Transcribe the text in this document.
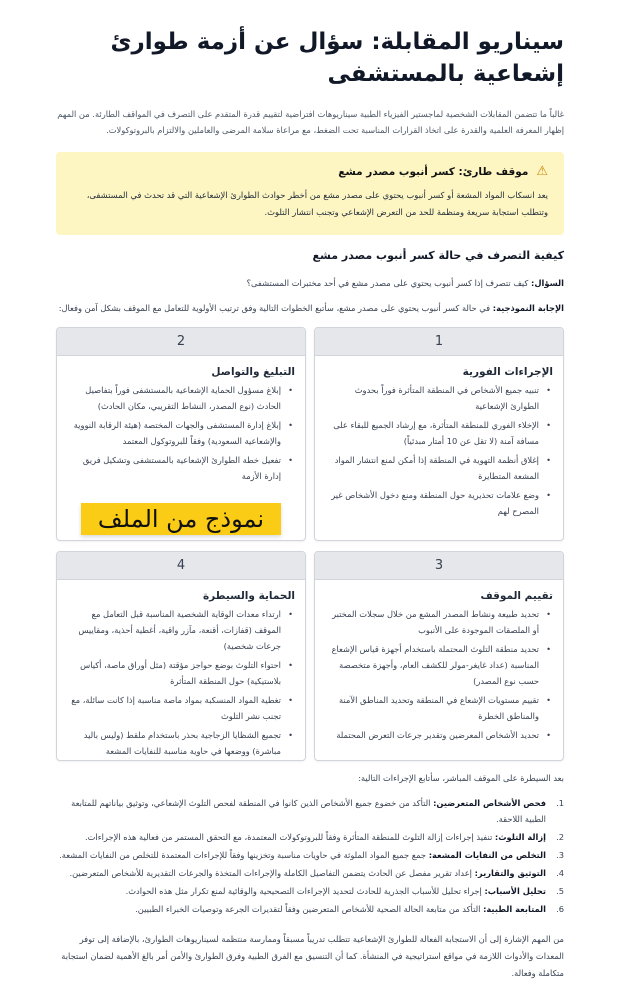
سيناريو المقابلة: سؤال عن أزمة طوارئ إشعاعية بالمستشفى

غالباً ما تتضمن المقابلات الشخصية لماجستير الفيزياء الطبية سيناريوهات افتراضية لتقييم قدرة المتقدم على التصرف في المواقف الطارئة. من المهم إظهار المعرفة العلمية والقدرة على اتخاذ القرارات المناسبة تحت الضغط، مع مراعاة سلامة المرضى والعاملين والالتزام بالبروتوكولات.

⚠
موقف طارئ: كسر أنبوب مصدر مشع
يعد انسكاب المواد المشعة أو كسر أنبوب يحتوي على مصدر مشع من أخطر حوادث الطوارئ الإشعاعية التي قد تحدث في المستشفى، وتتطلب استجابة سريعة ومنظمة للحد من التعرض الإشعاعي وتجنب انتشار التلوث.
كيفية التصرف في حالة كسر أنبوب مصدر مشع

السؤال: كيف تتصرف إذا كسر أنبوب يحتوي على مصدر مشع في أحد مختبرات المستشفى؟

الإجابة النموذجية: في حالة كسر أنبوب يحتوي على مصدر مشع، سأتبع الخطوات التالية وفق ترتيب الأولوية للتعامل مع الموقف بشكل آمن وفعال:

1
الإجراءات الفورية
• تنبيه جميع الأشخاص في المنطقة المتأثرة فوراً بحدوث الطوارئ الإشعاعية
• الإخلاء الفوري للمنطقة المتأثرة، مع إرشاد الجميع للبقاء على مسافة آمنة (لا تقل عن 10 أمتار مبدئياً)
• إغلاق أنظمة التهوية في المنطقة إذا أمكن لمنع انتشار المواد المشعة المتطايرة
• وضع علامات تحذيرية حول المنطقة ومنع دخول الأشخاص غير المصرح لهم
2
التبليغ والتواصل
• إبلاغ مسؤول الحماية الإشعاعية بالمستشفى فوراً بتفاصيل الحادث (نوع المصدر، النشاط التقريبي، مكان الحادث)
• إبلاغ إدارة المستشفى والجهات المختصة (هيئة الرقابة النووية والإشعاعية السعودية) وفقاً للبروتوكول المعتمد
• تفعيل خطة الطوارئ الإشعاعية بالمستشفى وتشكيل فريق إدارة الأزمة
نموذج من الملف
3
تقييم الموقف
• تحديد طبيعة ونشاط المصدر المشع من خلال سجلات المختبر أو الملصقات الموجودة على الأنبوب
• تحديد منطقة التلوث المحتملة باستخدام أجهزة قياس الإشعاع المناسبة (عداد غايغر-مولر للكشف العام، وأجهزة متخصصة حسب نوع المصدر)
• تقييم مستويات الإشعاع في المنطقة وتحديد المناطق الآمنة والمناطق الخطرة
• تحديد الأشخاص المعرضين وتقدير جرعات التعرض المحتملة
4
الحماية والسيطرة
• ارتداء معدات الوقاية الشخصية المناسبة قبل التعامل مع الموقف (قفازات، أقنعة، مآزر واقية، أغطية أحذية، ومقاييس جرعات شخصية)
• احتواء التلوث بوضع حواجز مؤقتة (مثل أوراق ماصة، أكياس بلاستيكية) حول المنطقة المتأثرة
• تغطية المواد المنسكبة بمواد ماصة مناسبة إذا كانت سائلة، مع تجنب نشر التلوث
• تجميع الشظايا الزجاجية بحذر باستخدام ملقط (وليس باليد مباشرة) ووضعها في حاوية مناسبة للنفايات المشعة

بعد السيطرة على الموقف المباشر، سأتابع الإجراءات التالية:

1.
فحص الأشخاص المتعرضين: التأكد من خضوع جميع الأشخاص الذين كانوا في المنطقة لفحص التلوث الإشعاعي، وتوثيق بياناتهم للمتابعة الطبية اللاحقة.
2.
إزالة التلوث: تنفيذ إجراءات إزالة التلوث للمنطقة المتأثرة وفقاً للبروتوكولات المعتمدة، مع التحقق المستمر من فعالية هذه الإجراءات.
3.
التخلص من النفايات المشعة: جمع جميع المواد الملوثة في حاويات مناسبة وتخزينها وفقاً للإجراءات المعتمدة للتخلص من النفايات المشعة.
4.
التوثيق والتقارير: إعداد تقرير مفصل عن الحادث يتضمن التفاصيل الكاملة والإجراءات المتخذة والجرعات التقديرية للأشخاص المتعرضين.
5.
تحليل الأسباب: إجراء تحليل للأسباب الجذرية للحادث لتحديد الإجراءات التصحيحية والوقائية لمنع تكرار مثل هذه الحوادث.
6.
المتابعة الطبية: التأكد من متابعة الحالة الصحية للأشخاص المتعرضين وفقاً لتقديرات الجرعة وتوصيات الخبراء الطبيين.

من المهم الإشارة إلى أن الاستجابة الفعالة للطوارئ الإشعاعية تتطلب تدريباً مسبقاً وممارسة منتظمة لسيناريوهات الطوارئ، بالإضافة إلى توفر المعدات والأدوات اللازمة في مواقع استراتيجية في المنشأة. كما أن التنسيق مع الفرق الطبية وفرق الطوارئ والأمن أمر بالغ الأهمية لضمان استجابة متكاملة وفعالة.
